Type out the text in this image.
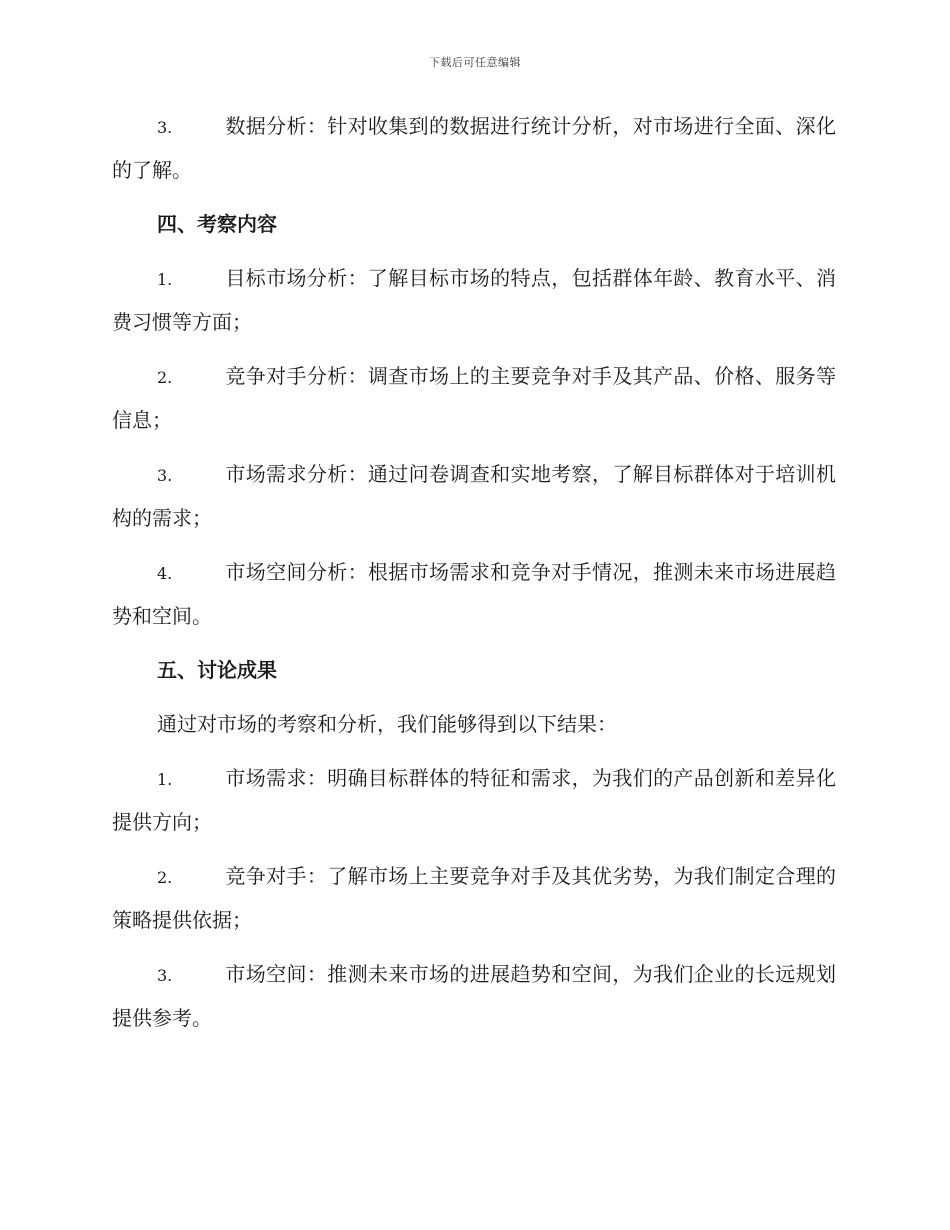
下载后可任意编辑

3.	数据分析：针对收集到的数据进行统计分析，对市场进行全面、深化的了解。

四、考察内容

1.	目标市场分析：了解目标市场的特点，包括群体年龄、教育水平、消费习惯等方面；

2.	竞争对手分析：调查市场上的主要竞争对手及其产品、价格、服务等信息；

3.	市场需求分析：通过问卷调查和实地考察，了解目标群体对于培训机构的需求；

4.	市场空间分析：根据市场需求和竞争对手情况，推测未来市场进展趋势和空间。

五、讨论成果

通过对市场的考察和分析，我们能够得到以下结果：

1.	市场需求：明确目标群体的特征和需求，为我们的产品创新和差异化提供方向；

2.	竞争对手：了解市场上主要竞争对手及其优劣势，为我们制定合理的策略提供依据；

3.	市场空间：推测未来市场的进展趋势和空间，为我们企业的长远规划提供参考。
